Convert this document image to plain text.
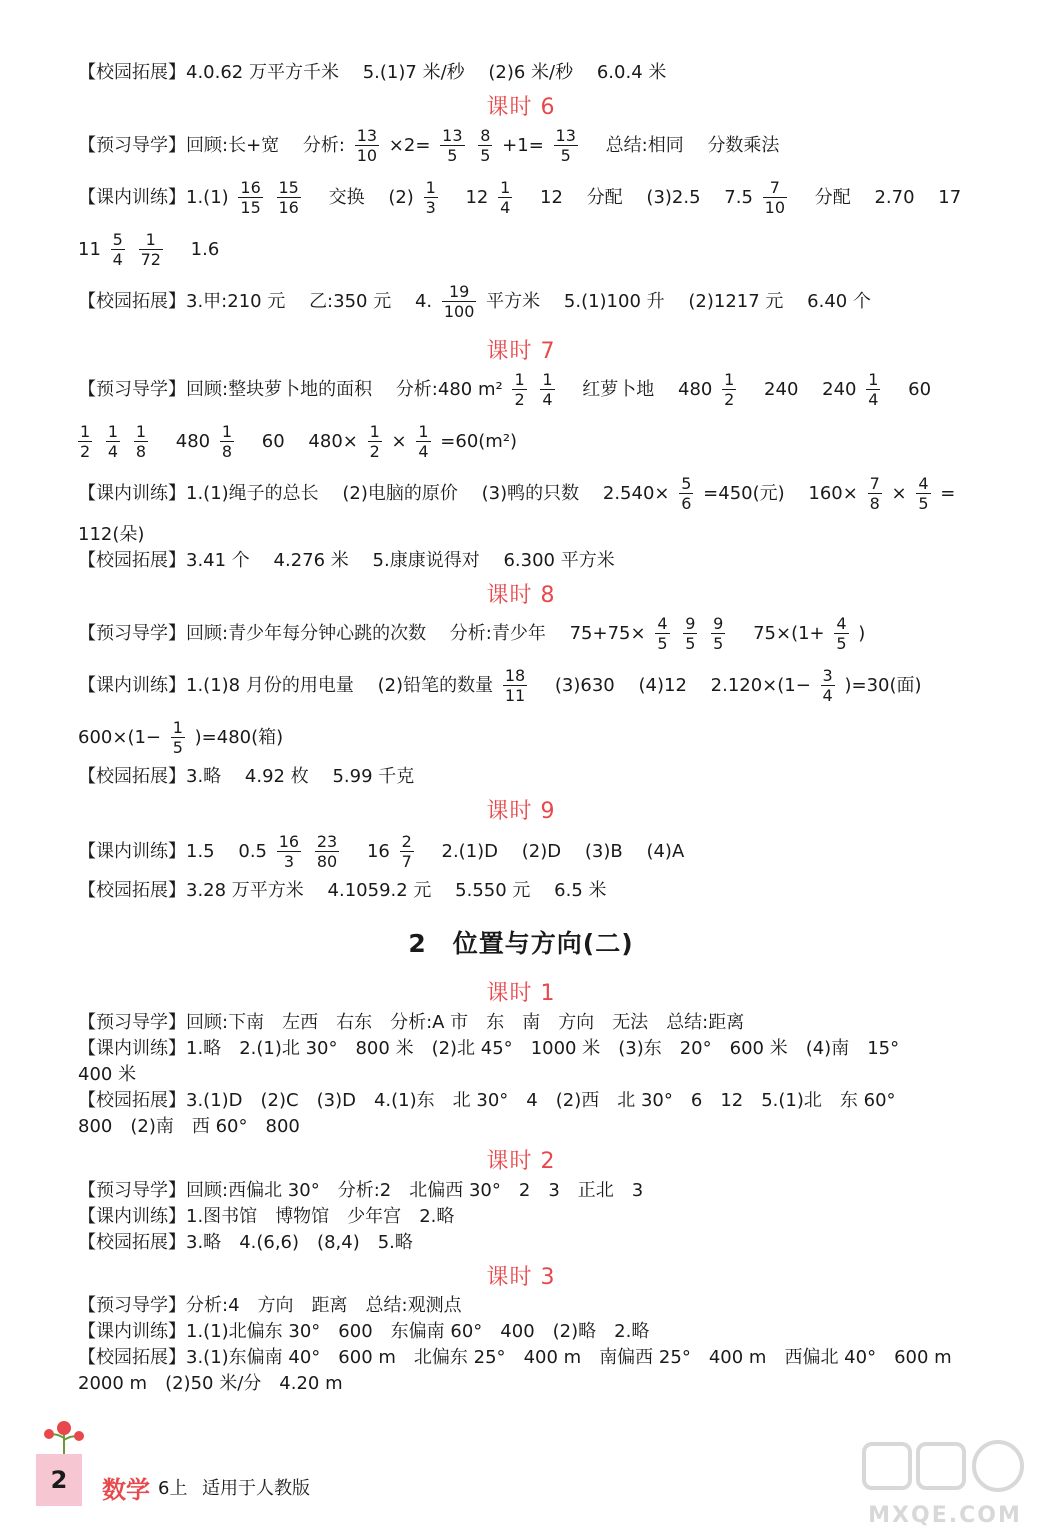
【校园拓展】4.0.62 万平方千米 5.(1)7 米/秒 (2)6 米/秒 6.0.4 米
课时 6
【预习导学】回顾:长+宽 分析: $\frac{13}{10} \times 2= \frac{13}{5}$
$\frac{8}{5} +1= \frac{13}{5}$ 总结:相同 分数乘法
【课内训练】$1.(1) \frac{16}{15}$
$\frac{15}{16}$ 交换 $(2) \frac{1}{3} 12 \frac{1}{4} 12$ 分配 (3)2.5 $7.5 \frac{7}{10}$ 分配 2.70 17
$11 \frac{5}{4}$
$\frac{1}{72} 1.6$
【校园拓展】3.甲:210 元 乙:350 元 4. $\frac{19}{100}$ 平方米 5.(1)100 升 (2)1217 元 6.40 个
课时 7
【预习导学】回顾:整块萝卜地的面积 分析:480 $m^2 \frac{1}{2}$
$\frac{1}{4}$ 红萝卜地 $480 \frac{1}{2} 240$ $240 \frac{1}{4} 60$
$\frac{1}{2}$
$\frac{1}{4}$
$\frac{1}{8} 480 \frac{1}{8} 60$ $480\times \frac{1}{2} \times \frac{1}{4} =60(m^2)$
【课内训练】1.(1)绳子的总长 (2)电脑的原价 (3)鸭的只数 $2.540\times \frac{5}{6} =450$(元) $160\times \frac{7}{8} \times \frac{4}{5}$ =
112(朵)
【校园拓展】3.41 个 4.276 米 5.康康说得对 6.300 平方米
课时 8
【预习导学】回顾:青少年每分钟心跳的次数 分析:青少年 $75+75\times \frac{4}{5}$
$\frac{9}{5}$
$\frac{9}{5} 75\times(1+ \frac{4}{5}$ )
【课内训练】1.(1)8 月份的用电量 (2)铅笔的数量 $\frac{18}{11} (3)630$ (4)12 $2.120\times(1- \frac{3}{4} )=30$(面)
$600\times(1- \frac{1}{5} )=480$(箱)
【校园拓展】3.略 4.92 枚 5.99 千克
课时 9
【课内训练】1.5 $0.5 \frac{16}{3}$
$\frac{23}{80} 16 \frac{2}{7} 2.(1)D$ (2)D (3)B (4)A
【校园拓展】3.28 万平方米 4.1059.2 元 5.550 元 6.5 米
2　位置与方向(二)
课时 1
【预习导学】回顾:下南 左西 右东 分析:A 市 东 南 方向 无法 总结:距离
【课内训练】1.略 2.(1)北 30° 800 米 (2)北 45° 1000 米 (3)东 20° 600 米 (4)南 15°
400 米
【校园拓展】3.(1)D (2)C (3)D 4.(1)东 北 30° 4 (2)西 北 30° 6 12 5.(1)北 东 60°
800 (2)南 西 60° 800
课时 2
【预习导学】回顾:西偏北 30° 分析:2 北偏西 30° 2 3 正北 3
【课内训练】1.图书馆 博物馆 少年宫 2.略
【校园拓展】3.略 4.(6,6) (8,4) 5.略
课时 3
【预习导学】分析:4 方向 距离 总结:观测点
【课内训练】1.(1)北偏东 30° 600 东偏南 60° 400 (2)略 2.略
【校园拓展】3.(1)东偏南 40° 600 m 北偏东 25° 400 m 南偏西 25° 400 m 西偏北 40° 600 m
2000 m (2)50 米/分 4.20 m
2	数学 6上 适用于人教版
MXQE.COM
